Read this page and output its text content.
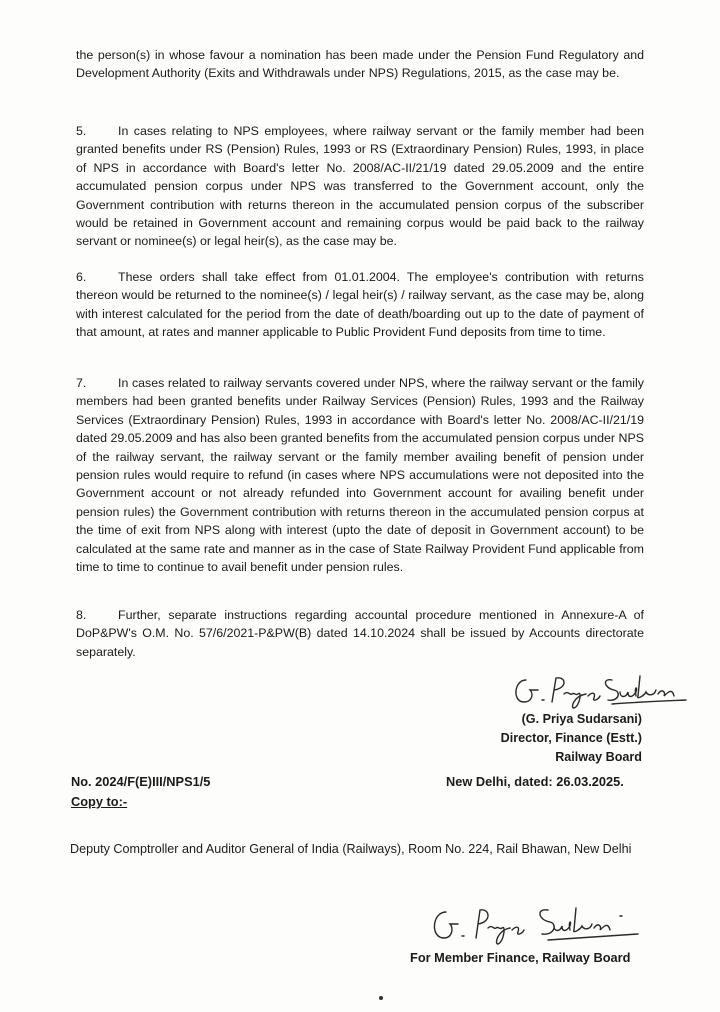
the person(s) in whose favour a nomination has been made under the Pension Fund Regulatory and Development Authority (Exits and Withdrawals under NPS) Regulations, 2015, as the case may be.

5.	In cases relating to NPS employees, where railway servant or the family member had been granted benefits under RS (Pension) Rules, 1993 or RS (Extraordinary Pension) Rules, 1993, in place of NPS in accordance with Board's letter No. 2008/AC-II/21/19 dated 29.05.2009 and the entire accumulated pension corpus under NPS was transferred to the Government account, only the Government contribution with returns thereon in the accumulated pension corpus of the subscriber would be retained in Government account and remaining corpus would be paid back to the railway servant or nominee(s) or legal heir(s), as the case may be.

6.	These orders shall take effect from 01.01.2004. The employee's contribution with returns thereon would be returned to the nominee(s) / legal heir(s) / railway servant, as the case may be, along with interest calculated for the period from the date of death/boarding out up to the date of payment of that amount, at rates and manner applicable to Public Provident Fund deposits from time to time.

7.	In cases related to railway servants covered under NPS, where the railway servant or the family members had been granted benefits under Railway Services (Pension) Rules, 1993 and the Railway Services (Extraordinary Pension) Rules, 1993 in accordance with Board's letter No. 2008/AC-II/21/19 dated 29.05.2009 and has also been granted benefits from the accumulated pension corpus under NPS of the railway servant, the railway servant or the family member availing benefit of pension under pension rules would require to refund (in cases where NPS accumulations were not deposited into the Government account or not already refunded into Government account for availing benefit under pension rules) the Government contribution with returns thereon in the accumulated pension corpus at the time of exit from NPS along with interest (upto the date of deposit in Government account) to be calculated at the same rate and manner as in the case of State Railway Provident Fund applicable from time to time to continue to avail benefit under pension rules.

8.	Further, separate instructions regarding accountal procedure mentioned in Annexure-A of DoP&PW's O.M. No. 57/6/2021-P&PW(B) dated 14.10.2024 shall be issued by Accounts directorate separately.

(G. Priya Sudarsani)
Director, Finance (Estt.)
Railway Board
No. 2024/F(E)III/NPS1/5	New Delhi, dated: 26.03.2025.
Copy to:-

Deputy Comptroller and Auditor General of India (Railways), Room No. 224, Rail Bhawan, New Delhi

For Member Finance, Railway Board
